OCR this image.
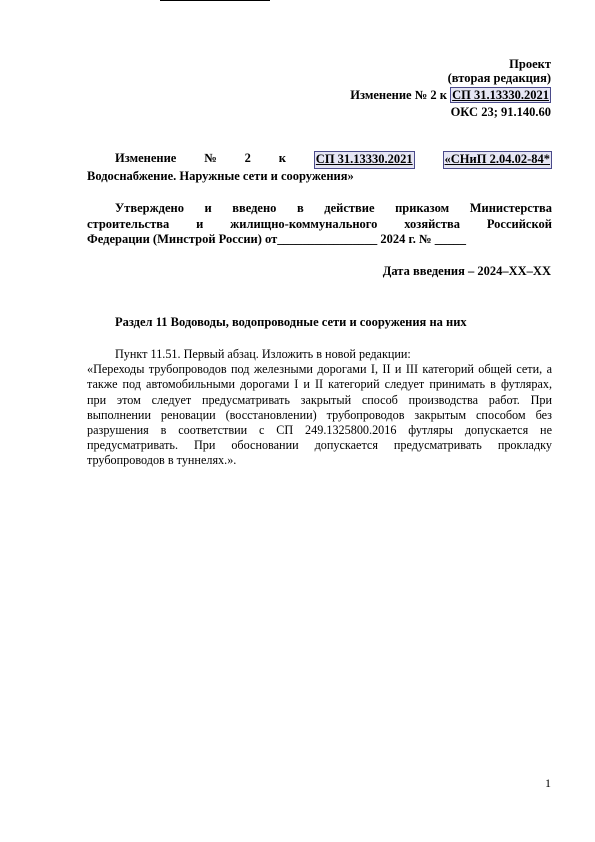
Проект
(вторая редакция)
Изменение № 2 к СП 31.13330.2021
ОКС 23; 91.140.60
Изменение № 2 к СП 31.13330.2021	«СНиП 2.04.02-84*
Водоснабжение. Наружные сети и сооружения»
Утверждено и введено в действие приказом Министерства
строительства и жилищно-коммунального хозяйства Российской
Федерации (Минстрой России) от________________ 2024 г. № _____
Дата введения – 2024–ХХ–ХХ
Раздел 11 Водоводы, водопроводные сети и сооружения на них
Пункт 11.51. Первый абзац. Изложить в новой редакции:
«Переходы трубопроводов под железными дорогами I, II и III категорий общей сети, а также под автомобильными дорогами I и II категорий следует принимать в футлярах, при этом следует предусматривать закрытый способ производства работ. При выполнении реновации (восстановлении) трубопроводов закрытым способом без разрушения в соответствии с СП 249.1325800.2016 футляры допускается не предусматривать. При обосновании допускается предусматривать прокладку трубопроводов в туннелях.».
1
